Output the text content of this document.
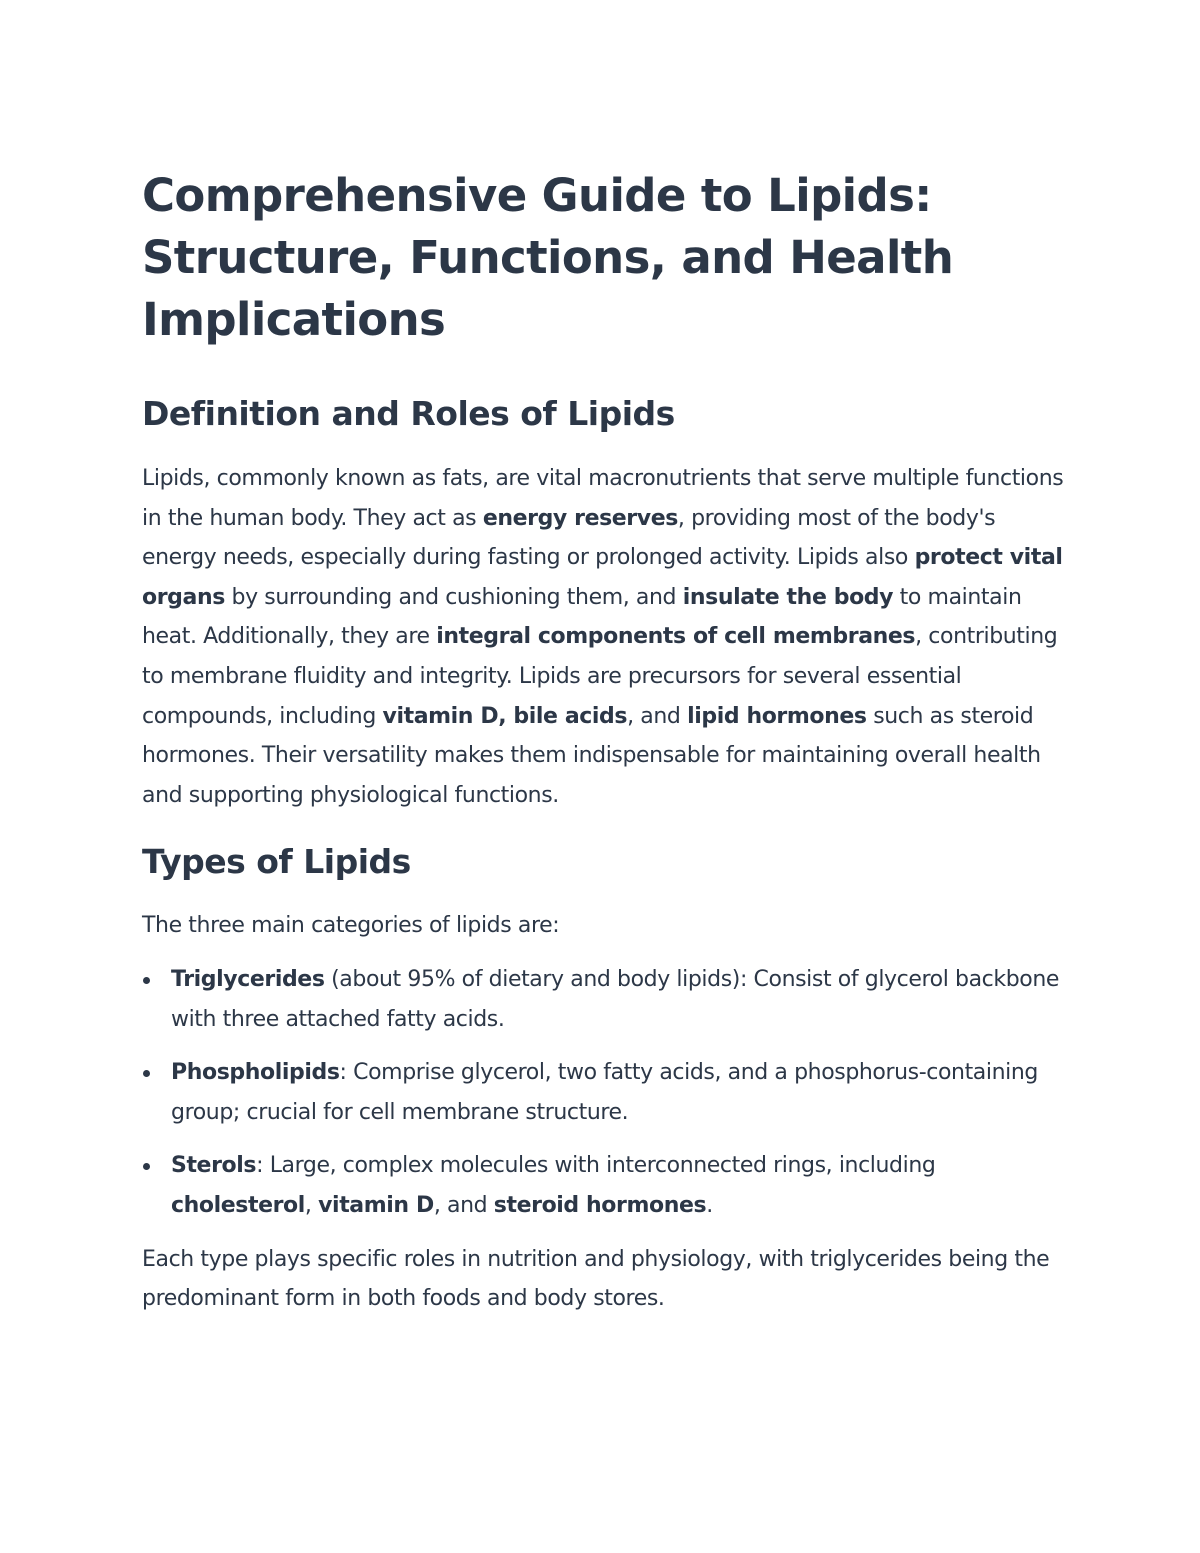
Comprehensive Guide to Lipids: Structure, Functions, and Health Implications
Definition and Roles of Lipids

Lipids, commonly known as fats, are vital macronutrients that serve multiple functions in the human body. They act as energy reserves, providing most of the body's energy needs, especially during fasting or prolonged activity. Lipids also protect vital organs by surrounding and cushioning them, and insulate the body to maintain heat. Additionally, they are integral components of cell membranes, contributing to membrane fluidity and integrity. Lipids are precursors for several essential compounds, including vitamin D, bile acids, and lipid hormones such as steroid hormones. Their versatility makes them indispensable for maintaining overall health and supporting physiological functions.

Types of Lipids

The three main categories of lipids are:

Triglycerides (about 95% of dietary and body lipids): Consist of glycerol backbone with three attached fatty acids.
Phospholipids: Comprise glycerol, two fatty acids, and a phosphorus-containing group; crucial for cell membrane structure.
Sterols: Large, complex molecules with interconnected rings, including cholesterol, vitamin D, and steroid hormones.

Each type plays specific roles in nutrition and physiology, with triglycerides being the predominant form in both foods and body stores.
